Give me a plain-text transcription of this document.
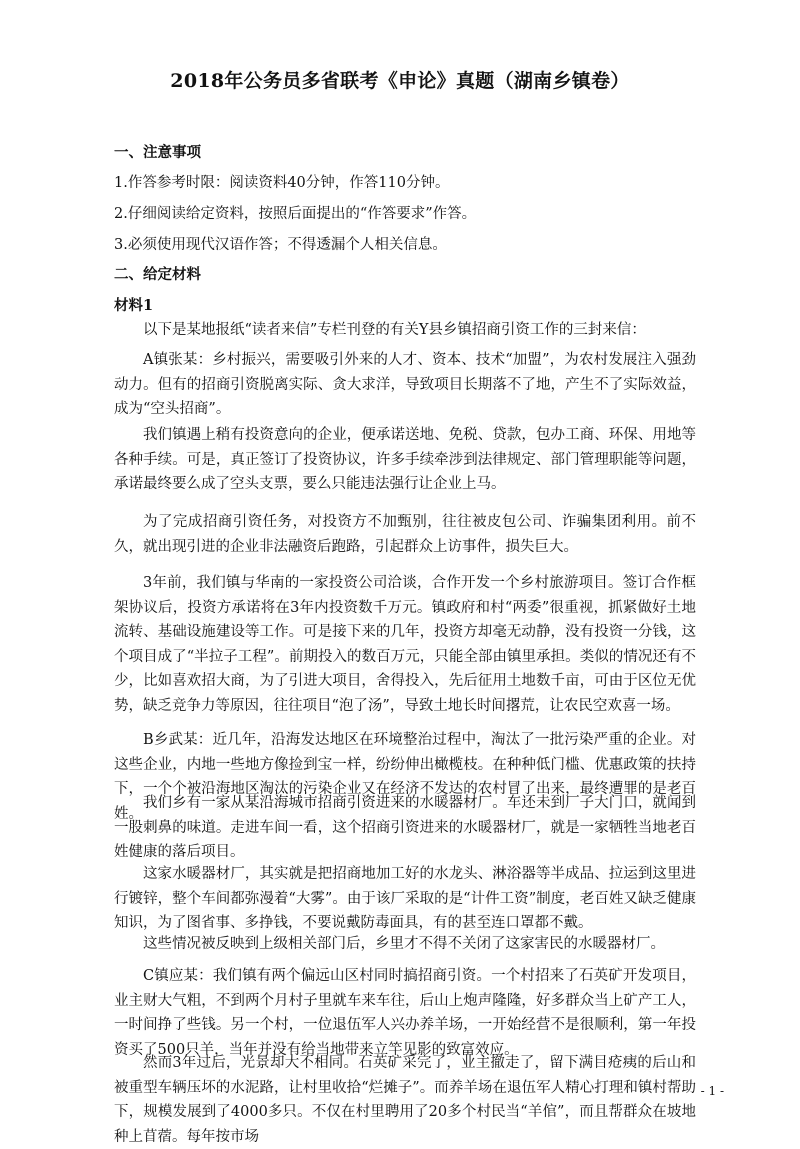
2018年公务员多省联考《申论》真题（湖南乡镇卷）
一、注意事项
1.作答参考时限：阅读资料40分钟，作答110分钟。
2.仔细阅读给定资料，按照后面提出的“作答要求”作答。
3.必须使用现代汉语作答；不得透漏个人相关信息。
二、给定材料
材料1
以下是某地报纸“读者来信”专栏刊登的有关Y县乡镇招商引资工作的三封来信：
A镇张某：乡村振兴，需要吸引外来的人才、资本、技术“加盟”，为农村发展注入强劲动力。但有的招商引资脱离实际、贪大求洋，导致项目长期落不了地，产生不了实际效益，成为“空头招商”。
我们镇遇上稍有投资意向的企业，便承诺送地、免税、贷款，包办工商、环保、用地等各种手续。可是，真正签订了投资协议，许多手续牵涉到法律规定、部门管理职能等问题，承诺最终要么成了空头支票，要么只能违法强行让企业上马。
为了完成招商引资任务，对投资方不加甄别，往往被皮包公司、诈骗集团利用。前不久，就出现引进的企业非法融资后跑路，引起群众上访事件，损失巨大。
3年前，我们镇与华南的一家投资公司洽谈，合作开发一个乡村旅游项目。签订合作框架协议后，投资方承诺将在3年内投资数千万元。镇政府和村“两委”很重视，抓紧做好土地流转、基础设施建设等工作。可是接下来的几年，投资方却毫无动静，没有投资一分钱，这个项目成了“半拉子工程”。前期投入的数百万元，只能全部由镇里承担。类似的情况还有不少，比如喜欢招大商，为了引进大项目，舍得投入，先后征用土地数千亩，可由于区位无优势，缺乏竞争力等原因，往往项目“泡了汤”，导致土地长时间撂荒，让农民空欢喜一场。
B乡武某：近几年，沿海发达地区在环境整治过程中，淘汰了一批污染严重的企业。对这些企业，内地一些地方像捡到宝一样，纷纷伸出橄榄枝。在种种低门槛、优惠政策的扶持下，一个个被沿海地区淘汰的污染企业又在经济不发达的农村冒了出来，最终遭罪的是老百姓。
我们乡有一家从某沿海城市招商引资进来的水暖器材厂。车还未到厂子大门口，就闻到一股刺鼻的味道。走进车间一看，这个招商引资进来的水暖器材厂，就是一家牺牲当地老百姓健康的落后项目。
这家水暖器材厂，其实就是把招商地加工好的水龙头、淋浴器等半成品、拉运到这里进行镀锌，整个车间都弥漫着“大雾”。由于该厂采取的是“计件工资”制度，老百姓又缺乏健康知识，为了图省事、多挣钱，不要说戴防毒面具，有的甚至连口罩都不戴。
这些情况被反映到上级相关部门后，乡里才不得不关闭了这家害民的水暖器材厂。
C镇应某：我们镇有两个偏远山区村同时搞招商引资。一个村招来了石英矿开发项目，业主财大气粗，不到两个月村子里就车来车往，后山上炮声隆隆，好多群众当上矿产工人，一时间挣了些钱。另一个村，一位退伍军人兴办养羊场，一开始经营不是很顺利，第一年投资买了500只羊，当年并没有给当地带来立竿见影的致富效应。
然而3年过后，光景却大不相同。石英矿采完了，业主撤走了，留下满目疮痍的后山和被重型车辆压坏的水泥路，让村里收拾“烂摊子”。而养羊场在退伍军人精心打理和镇村帮助下，规模发展到了4000多只。不仅在村里聘用了20多个村民当“羊倌”，而且帮群众在坡地种上苜蓿。每年按市场
- 1 -
